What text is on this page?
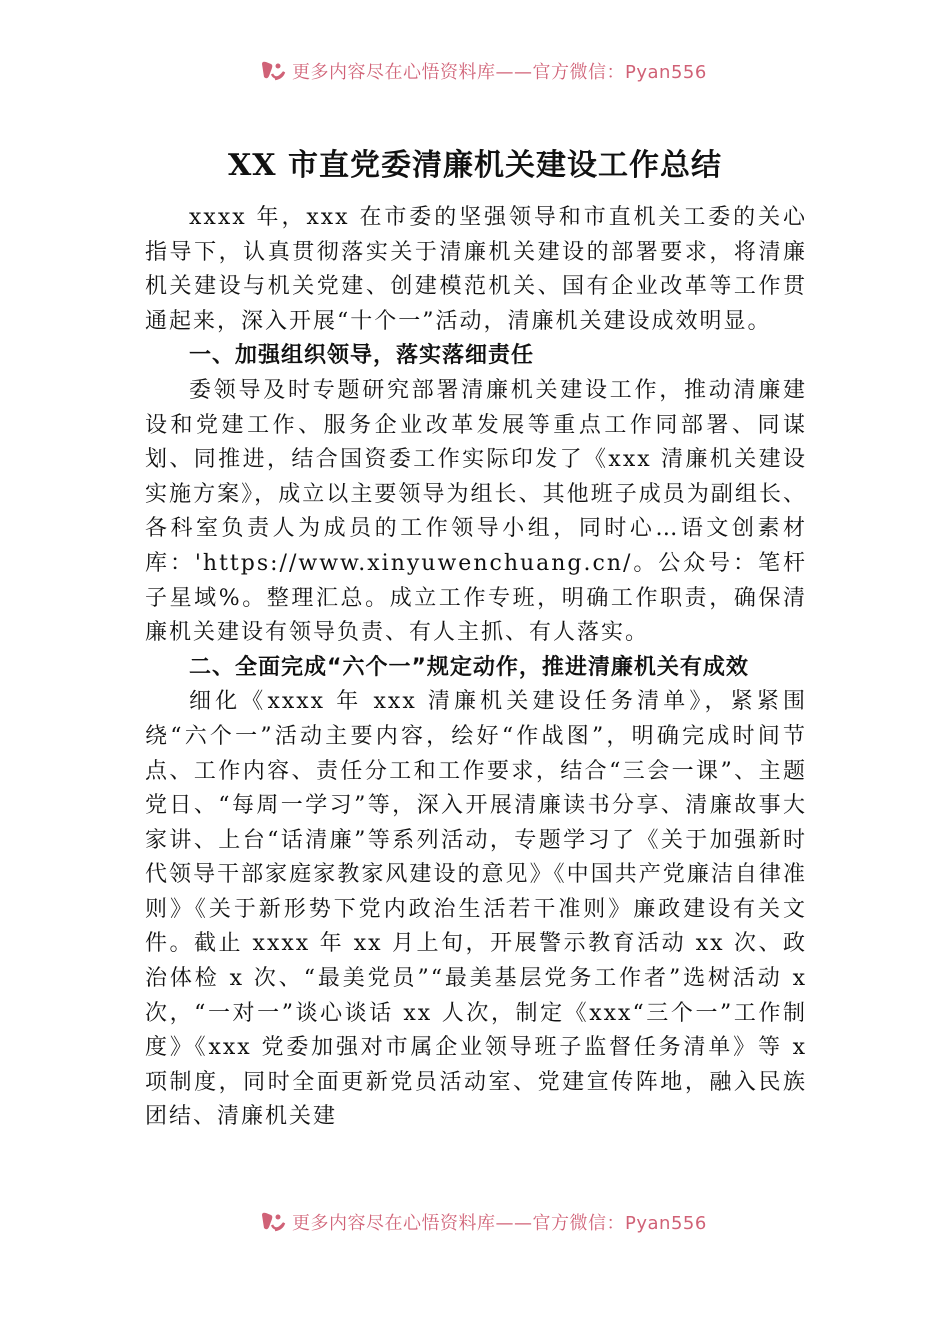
更多内容尽在心悟资料库——官方微信：Pyan556
XX 市直党委清廉机关建设工作总结

xxxx 年，xxx 在市委的坚强领导和市直机关工委的关心指导下，认真贯彻落实关于清廉机关建设的部署要求，将清廉机关建设与机关党建、创建模范机关、国有企业改革等工作贯通起来，深入开展“十个一”活动，清廉机关建设成效明显。

一、加强组织领导，落实落细责任

委领导及时专题研究部署清廉机关建设工作，推动清廉建设和党建工作、服务企业改革发展等重点工作同部署、同谋划、同推进，结合国资委工作实际印发了《xxx 清廉机关建设实施方案》，成立以主要领导为组长、其他班子成员为副组长、各科室负责人为成员的工作领导小组，同时心…语文创素材库：'https://www.xinyuwenchuang.cn/。公众号：笔杆子星域%。整理汇总。成立工作专班，明确工作职责，确保清廉机关建设有领导负责、有人主抓、有人落实。

二、全面完成“六个一”规定动作，推进清廉机关有成效

细化《xxxx 年 xxx 清廉机关建设任务清单》，紧紧围绕“六个一”活动主要内容，绘好“作战图”，明确完成时间节点、工作内容、责任分工和工作要求，结合“三会一课”、主题党日、“每周一学习”等，深入开展清廉读书分享、清廉故事大家讲、上台“话清廉”等系列活动，专题学习了《关于加强新时代领导干部家庭家教家风建设的意见》《中国共产党廉洁自律准则》《关于新形势下党内政治生活若干准则》廉政建设有关文件。截止 xxxx 年 xx 月上旬，开展警示教育活动 xx 次、政治体检 x 次、“最美党员”“最美基层党务工作者”选树活动 x 次，“一对一”谈心谈话 xx 人次，制定《xxx“三个一”工作制度》《xxx 党委加强对市属企业领导班子监督任务清单》等 x 项制度，同时全面更新党员活动室、党建宣传阵地，融入民族团结、清廉机关建

更多内容尽在心悟资料库——官方微信：Pyan556
